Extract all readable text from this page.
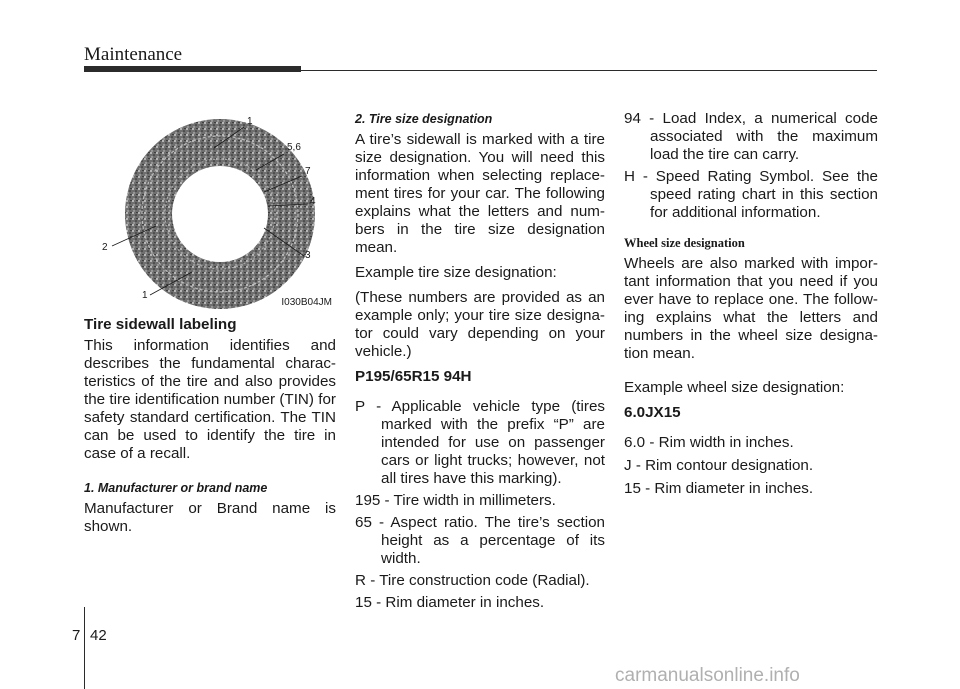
Maintenance
1
5,6
7
4
3
2
1
I030B04JM

Tire sidewall labeling

This information identifies and describes the fundamental charac-teristics of the tire and also provides the tire identification number (TIN) for safety standard certification. The TIN can be used to identify the tire in case of a recall.

1. Manufacturer or brand name

Manufacturer or Brand name is shown.

2. Tire size designation

A tire’s sidewall is marked with a tire size designation. You will need this information when selecting replace-ment tires for your car. The following explains what the letters and num-bers in the tire size designation mean.

Example tire size designation:

(These numbers are provided as an example only; your tire size designa-tor could vary depending on your vehicle.)

P195/65R15 94H

P - Applicable vehicle type (tires marked with the prefix “P” are intended for use on passenger cars or light trucks; however, not all tires have this marking).

195 - Tire width in millimeters.

65 - Aspect ratio. The tire’s section height as a percentage of its width.

R - Tire construction code (Radial).

15 - Rim diameter in inches.

94 - Load Index, a numerical code associated with the maximum load the tire can carry.

H - Speed Rating Symbol. See the speed rating chart in this section for additional information.

Wheel size designation

Wheels are also marked with impor-tant information that you need if you ever have to replace one. The follow-ing explains what the letters and numbers in the wheel size designa-tion mean.

Example wheel size designation:

6.0JX15

6.0 - Rim width in inches.

J - Rim contour designation.

15 - Rim diameter in inches.

7 42
carmanualsonline.info
